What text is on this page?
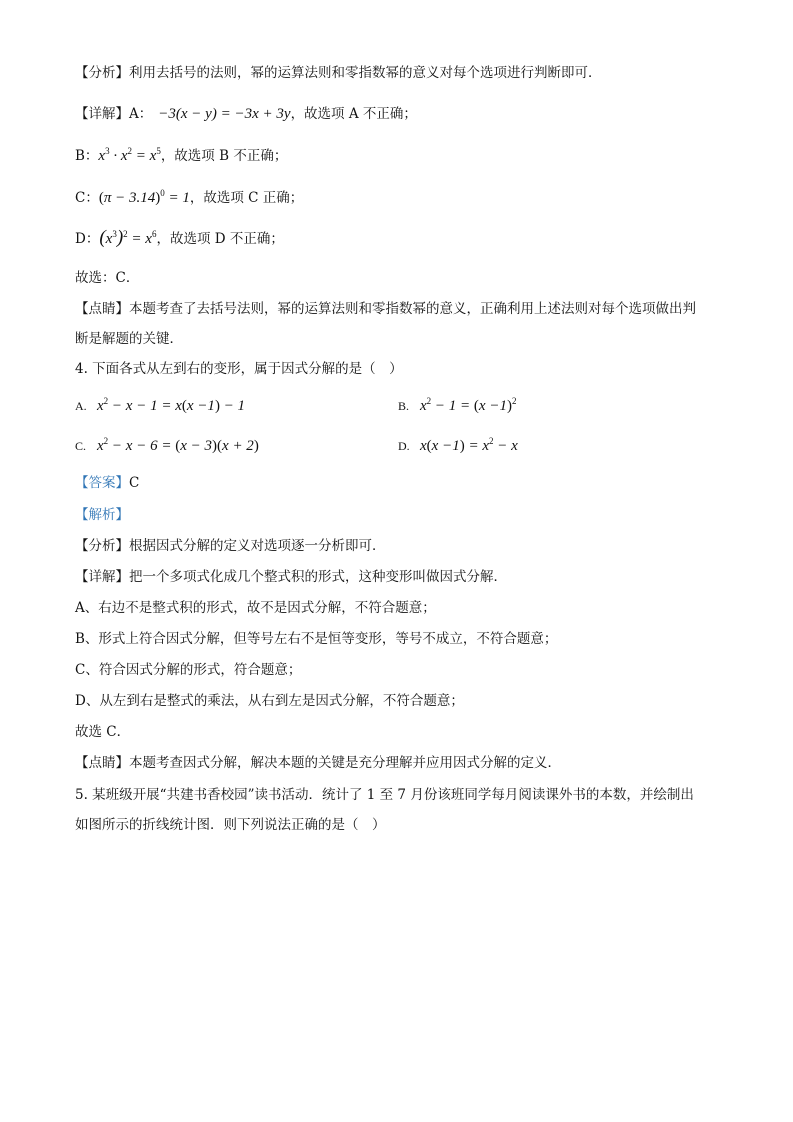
【分析】利用去括号的法则，幂的运算法则和零指数幂的意义对每个选项进行判断即可．
【详解】A： −3(x − y) = −3x + 3y，故选项 A 不正确；
B：$x^3 \cdot x^2 = x^5$，故选项 B 不正确；
C：$(\pi - 3.14)^0 = 1$，故选项 C 正确；
D：$(x^3)^2 = x^6$，故选项 D 不正确；
故选：C．
【点睛】本题考查了去括号法则，幂的运算法则和零指数幂的意义，正确利用上述法则对每个选项做出判
断是解题的关键．
4. 下面各式从左到右的变形，属于因式分解的是（　）
A. $x^2 - x - 1 = x(x -1) - 1$	B. $x^2 - 1 = (x -1)^2$
C. $x^2 - x - 6 = (x - 3)(x + 2)$	D. $x(x -1) = x^2 - x$
【答案】C
【解析】
【分析】根据因式分解的定义对选项逐一分析即可．
【详解】把一个多项式化成几个整式积的形式，这种变形叫做因式分解．
A、右边不是整式积的形式，故不是因式分解，不符合题意；
B、形式上符合因式分解，但等号左右不是恒等变形，等号不成立，不符合题意；
C、符合因式分解的形式，符合题意；
D、从左到右是整式的乘法，从右到左是因式分解，不符合题意；
故选 C．
【点睛】本题考查因式分解，解决本题的关键是充分理解并应用因式分解的定义．
5. 某班级开展“共建书香校园”读书活动．统计了 1 至 7 月份该班同学每月阅读课外书的本数，并绘制出
如图所示的折线统计图．则下列说法正确的是（　）
